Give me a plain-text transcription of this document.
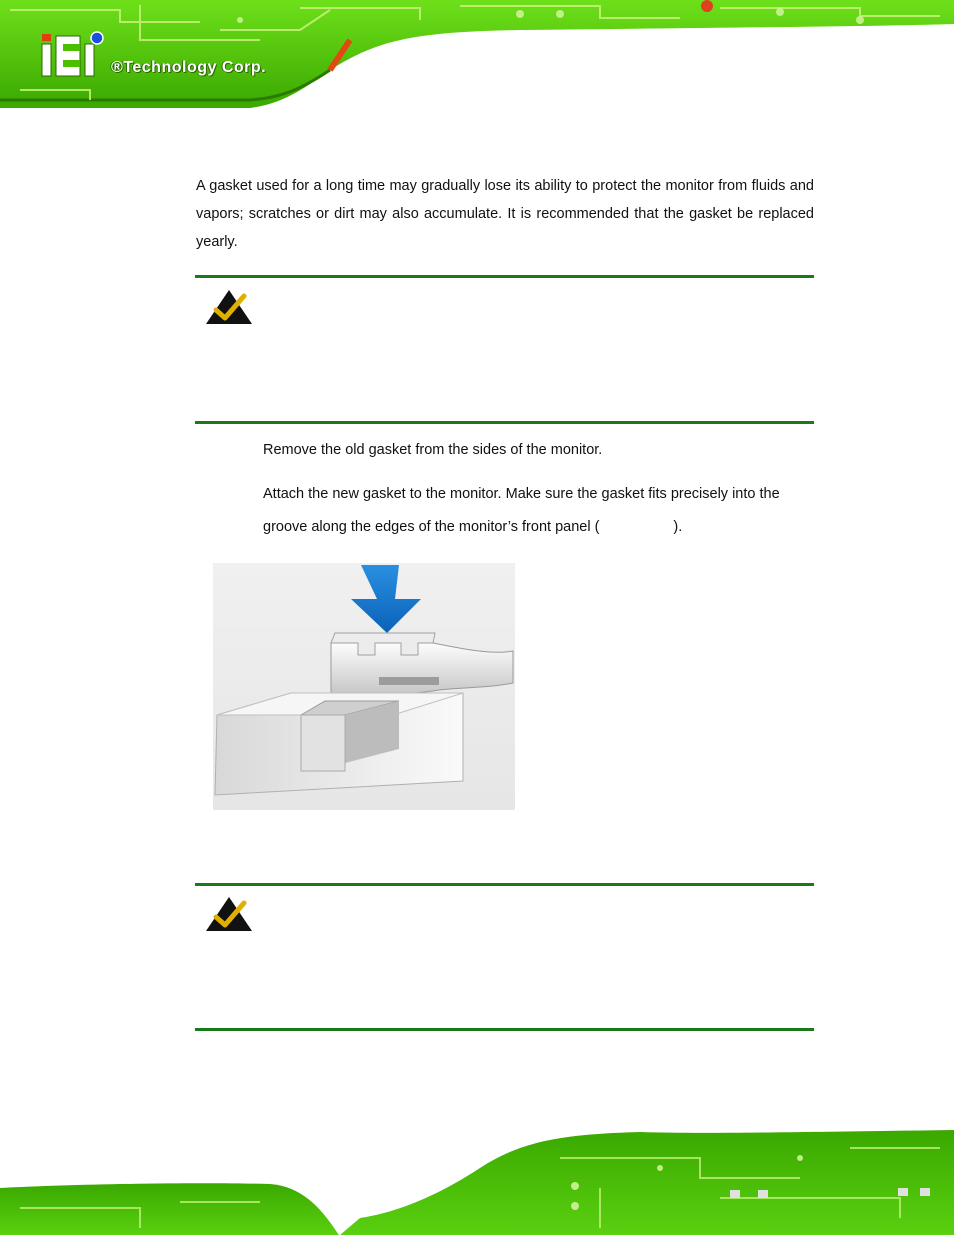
®Technology Corp.

A gasket used for a long time may gradually lose its ability to protect the monitor from fluids and vapors; scratches or dirt may also accumulate. It is recommended that the gasket be replaced yearly.

Remove the old gasket from the sides of the monitor.

Attach the new gasket to the monitor. Make sure the gasket fits precisely into the groove along the edges of the monitor’s front panel (	).
